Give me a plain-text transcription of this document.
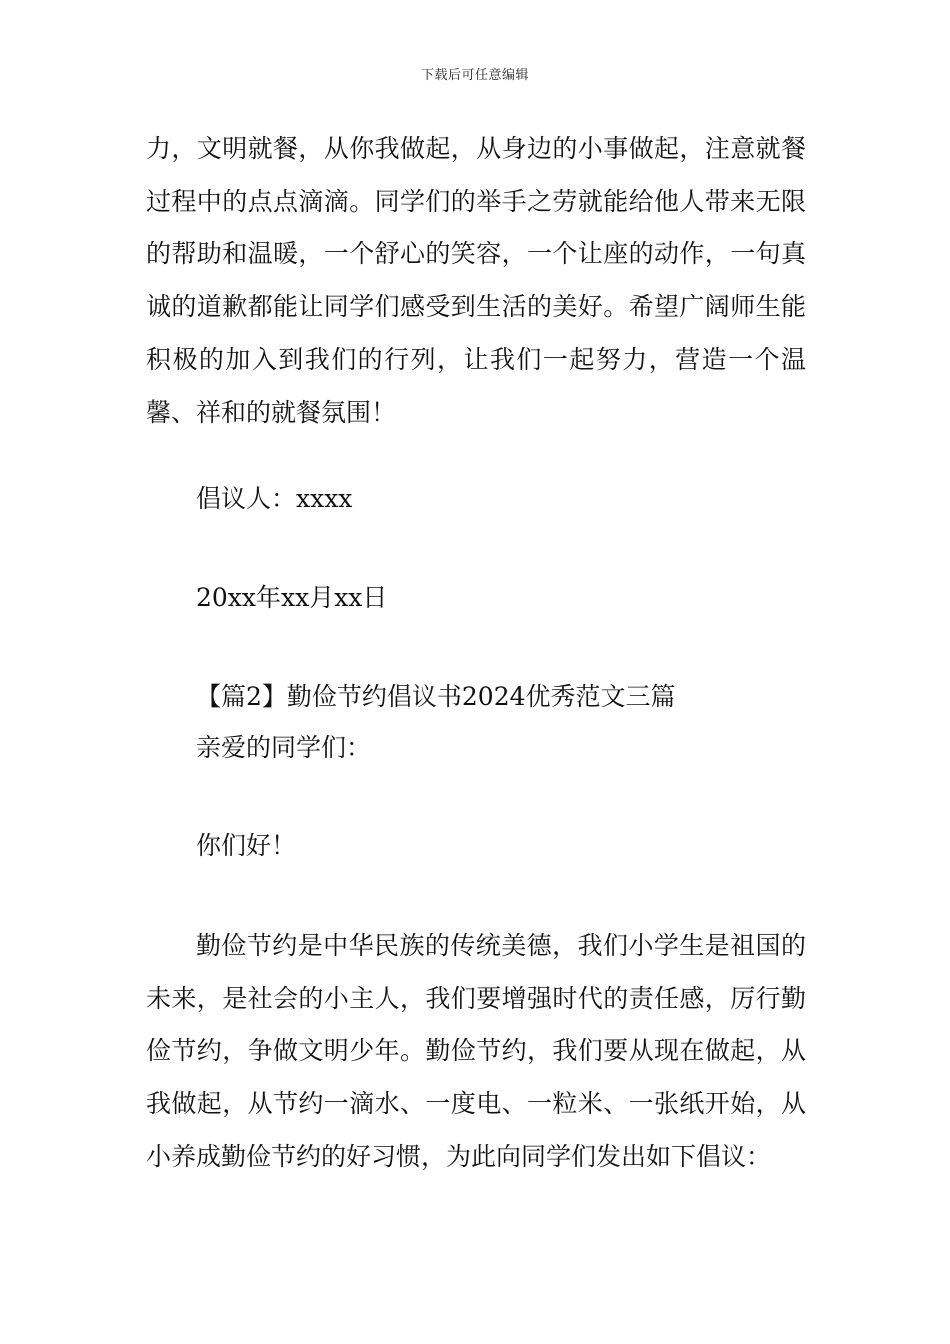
下载后可任意编辑

力，文明就餐，从你我做起，从身边的小事做起，注意就餐过程中的点点滴滴。同学们的举手之劳就能给他人带来无限的帮助和温暖，一个舒心的笑容，一个让座的动作，一句真诚的道歉都能让同学们感受到生活的美好。希望广阔师生能积极的加入到我们的行列，让我们一起努力，营造一个温馨、祥和的就餐氛围！

倡议人：xxxx
20xx年xx月xx日
【篇2】勤俭节约倡议书2024优秀范文三篇
亲爱的同学们：
你们好！

勤俭节约是中华民族的传统美德，我们小学生是祖国的未来，是社会的小主人，我们要增强时代的责任感，厉行勤俭节约，争做文明少年。勤俭节约，我们要从现在做起，从我做起，从节约一滴水、一度电、一粒米、一张纸开始，从小养成勤俭节约的好习惯，为此向同学们发出如下倡议：
